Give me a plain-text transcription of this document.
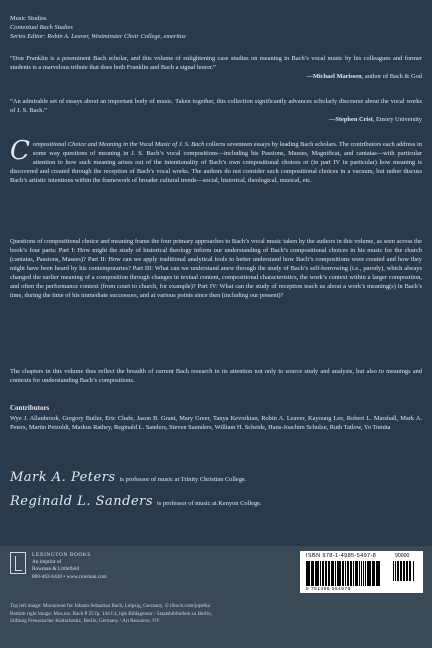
Music Studies
Contextual Bach Studies
Series Editor: Robin A. Leaver, Westminster Choir College, emeritus
“Don Franklin is a preeminent Bach scholar, and this volume of enlightening case studies on meaning in Bach’s vocal music by his colleagues and former students is a marvelous tribute that does both Franklin and Bach a signal honor.”
—Michael Marissen, author of Bach & God
“An admirable set of essays about an important body of music. Taken together, this collection significantly advances scholarly discourse about the vocal works of J. S. Bach.”
—Stephen Crist, Emory University
Compositional Choice and Meaning in the Vocal Music of J. S. Bach collects seventeen essays by leading Bach scholars. The contributors each address in some way questions of meaning in J. S. Bach’s vocal compositions—including his Passions, Masses, Magnificat, and cantatas—with particular attention to how such meaning arises out of the intentionality of Bach’s own compositional choices or (in part IV in particular) how meaning is discovered and created through the reception of Bach’s vocal works. The authors do not consider such compositional choices in a vacuum, but rather discuss Bach’s artistic intentions within the framework of broader cultural trends—social, historical, theological, musical, etc.
Questions of compositional choice and meaning frame the four primary approaches to Bach’s vocal music taken by the authors in this volume, as seen across the book’s four parts: Part I: How might the study of historical theology inform our understanding of Bach’s compositional choices in his music for the church (cantatas, Passions, Masses)? Part II: How can we apply traditional analytical tools to better understand how Bach’s compositions were created and how they might have been heard by his contemporaries? Part III: What can we understand anew through the study of Bach’s self-borrowing (i.e., parody), which always changed the earlier meaning of a composition through changes in textual content, compositional characteristics, the work’s context within a larger composition, and often the performance context (from court to church, for example)? Part IV: What can the study of reception teach us about a work’s meaning(s) in Bach’s time, during the time of his immediate successors, and at various points since then (including our present)?
The chapters in this volume thus reflect the breadth of current Bach research in its attention not only to source study and analysis, but also to meanings and contexts for understanding Bach’s compositions.
Contributors
Wye J. Allanbrook, Gregory Butler, Eric Chafe, Jason B. Grant, Mary Greer, Tanya Kevorkian, Robin A. Leaver, Kayoung Lee, Robert L. Marshall, Mark A. Peters, Martin Petzoldt, Markus Rathey, Reginald L. Sanders, Steven Saunders, William H. Scheide, Hans-Joachim Schulze, Ruth Tatlow, Yo Tomita
Mark A. Peters is professor of music at Trinity Christian College.
Reginald L. Sanders is professor of music at Kenyon College.
LEXINGTON BOOKS
An imprint of
Rowman & Littlefield
800-462-6420 • www.rowman.com
ISBN 978-1-4985-5497-8	90000
9 781498 554978
Top left image: Monument for Johann Sebastian Bach, Leipzig, Germany. © iStock.com/jopelka
Bottom right image: Mus.ms. Bach P 25 fp. 144 f.4, bpk Bildagentur / Staatsbibliothek zu Berlin,
Stiftung Preussischer Kulturbesitz, Berlin, Germany / Art Resource, NY
